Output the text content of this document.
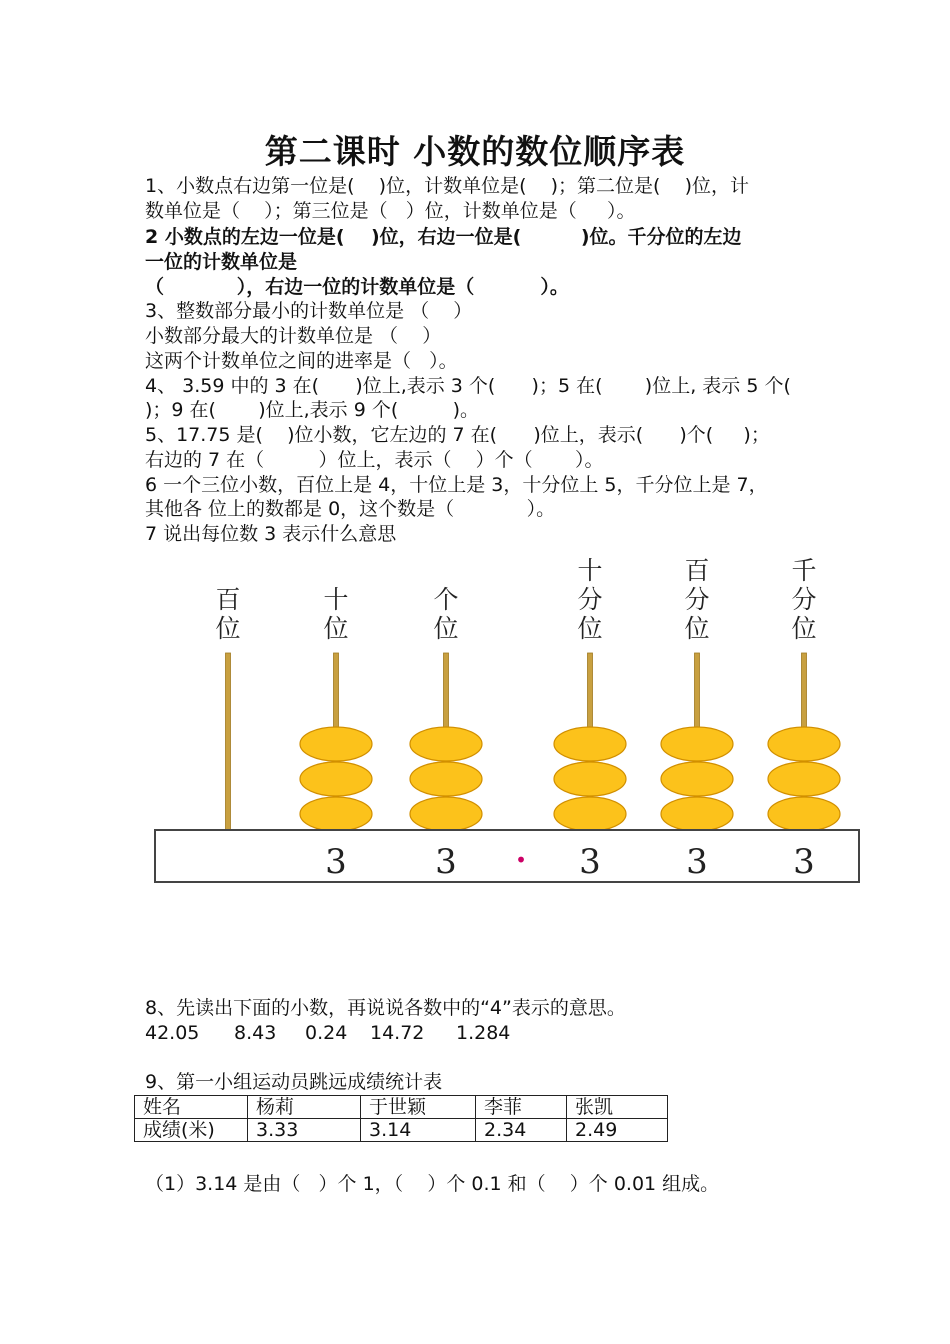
第二课时 小数的数位顺序表
1、小数点右边第一位是(    )位，计数单位是(    )；第二位是(    )位，计
数单位是（    ）；第三位是（   ）位，计数单位是（     ）。
2 小数点的左边一位是(    )位，右边一位是(         )位。千分位的左边
一位的计数单位是
（           ），右边一位的计数单位是（          ）。
3、整数部分最小的计数单位是 （    ）
小数部分最大的计数单位是 （    ）
这两个计数单位之间的进率是（   ）。
4、 3.59 中的 3 在(      )位上,表示 3 个(      )；5 在(       )位上, 表示 5 个(
)；9 在(       )位上,表示 9 个(         )。
5、17.75 是(    )位小数，它左边的 7 在(      )位上，表示(      )个(     )；
右边的 7 在（         ）位上，表示（    ）个（       ）。
6 一个三位小数，百位上是 4，十位上是 3，十分位上 5，千分位上是 7，
其他各 位上的数都是 0，这个数是（            ）。
7 说出每位数 3 表示什么意思
百
位
十
位
个
位
十
分
位
百
分
位
千
分
位
3	3	3	3	3
•
8、先读出下面的小数，再说说各数中的“4”表示的意思。
42.05 8.43 0.24 14.72 1.284
9、第一小组运动员跳远成绩统计表
姓名	杨莉	于世颖	李菲	张凯
成绩(米)	3.33	3.14	2.34	2.49
（1）3.14 是由（   ）个 1，（    ）个 0.1 和（    ）个 0.01 组成。
